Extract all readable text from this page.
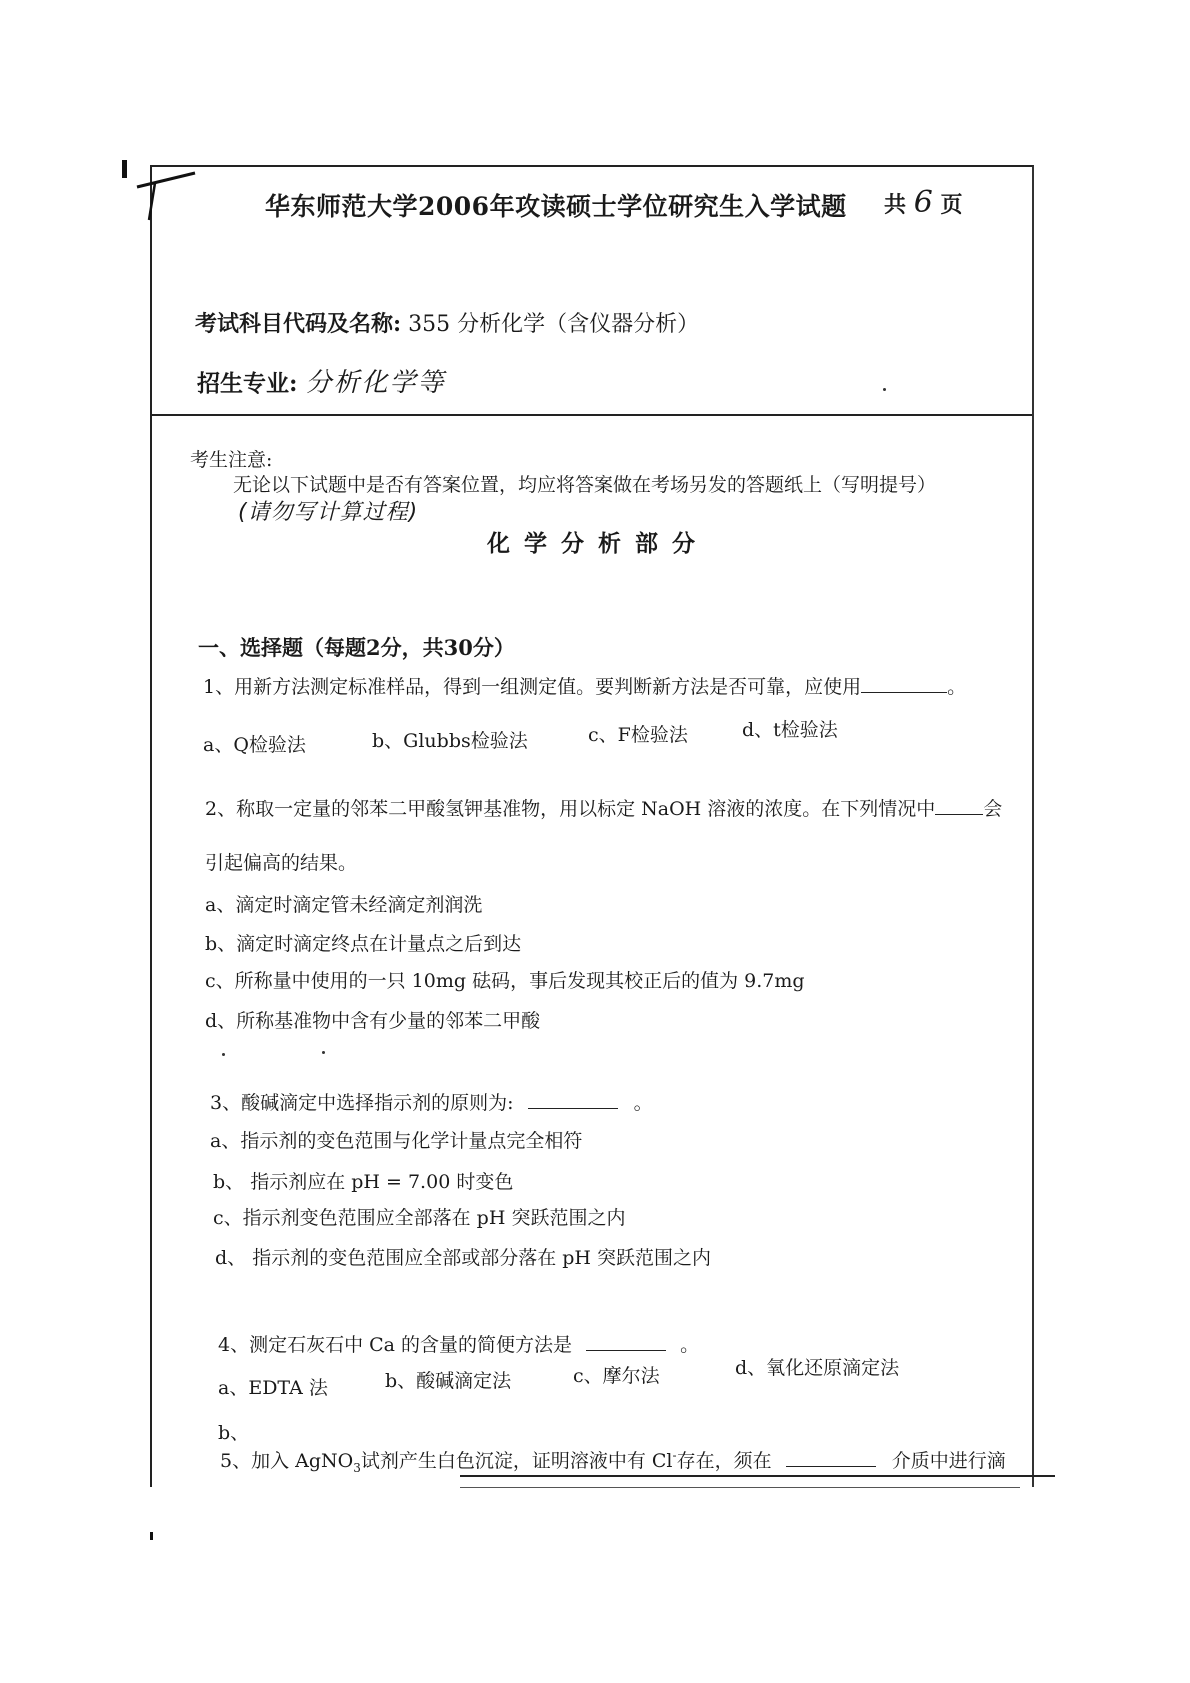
华东师范大学2006年攻读硕士学位研究生入学试题 共 6 页
考试科目代码及名称: 355 分析化学（含仪器分析）
招生专业: 分析化学等
考生注意:
无论以下试题中是否有答案位置，均应将答案做在考场另发的答题纸上（写明提号）
(请勿写计算过程)
化学分析部分
一、选择题（每题2分，共30分）
1、用新方法测定标准样品，得到一组测定值。要判断新方法是否可靠，应使用	。
a、Q检验法	b、Glubbs检验法	c、F检验法	d、t检验法
2、称取一定量的邻苯二甲酸氢钾基准物，用以标定 NaOH 溶液的浓度。在下列情况中	会
引起偏高的结果。
a、滴定时滴定管未经滴定剂润洗
b、滴定时滴定终点在计量点之后到达
c、所称量中使用的一只 10mg 砝码，事后发现其校正后的值为 9.7mg
d、所称基准物中含有少量的邻苯二甲酸
3、酸碱滴定中选择指示剂的原则为:	。
a、指示剂的变色范围与化学计量点完全相符
b、 指示剂应在 pH = 7.00 时变色
c、指示剂变色范围应全部落在 pH 突跃范围之内
d、 指示剂的变色范围应全部或部分落在 pH 突跃范围之内
4、测定石灰石中 Ca 的含量的简便方法是	。
a、EDTA 法	b、酸碱滴定法	c、摩尔法	d、氧化还原滴定法
b、
5、加入 AgNO$_3$试剂产生白色沉淀，证明溶液中有 Cl-存在，须在	介质中进行滴
